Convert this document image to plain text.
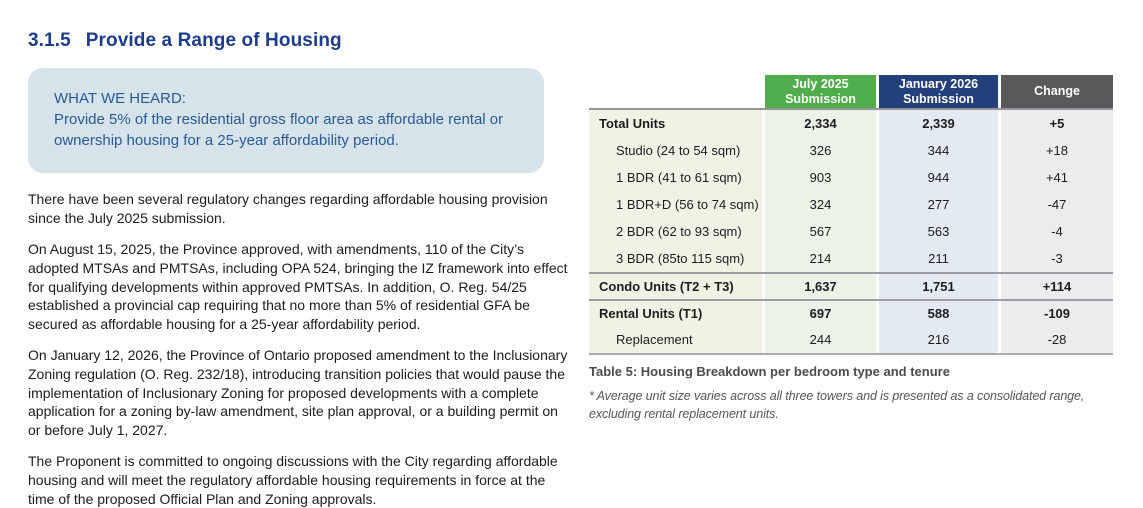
3.1.5 Provide a Range of Housing
WHAT WE HEARD:
Provide 5% of the residential gross floor area as affordable rental or ownership housing for a 25-year affordability period.

There have been several regulatory changes regarding affordable housing provision since the July 2025 submission.

On August 15, 2025, the Province approved, with amendments, 110 of the City’s adopted MTSAs and PMTSAs, including OPA 524, bringing the IZ framework into effect for qualifying developments within approved PMTSAs. In addition, O. Reg. 54/25 established a provincial cap requiring that no more than 5% of residential GFA be secured as affordable housing for a 25-year affordability period.

On January 12, 2026, the Province of Ontario proposed amendment to the Inclusionary Zoning regulation (O. Reg. 232/18), introducing transition policies that would pause the implementation of Inclusionary Zoning for proposed developments with a complete application for a zoning by-law amendment, site plan approval, or a building permit on or before July 1, 2027.

The Proponent is committed to ongoing discussions with the City regarding affordable housing and will meet the regulatory affordable housing requirements in force at the time of the proposed Official Plan and Zoning approvals.

July 2025 Submission
January 2026 Submission
Change
Total Units	2,334	2,339	+5
Studio (24 to 54 sqm)	326	344	+18
1 BDR (41 to 61 sqm)	903	944	+41
1 BDR+D (56 to 74 sqm)	324	277	-47
2 BDR (62 to 93 sqm)	567	563	-4
3 BDR (85to 115 sqm)	214	211	-3
Condo Units (T2 + T3)	1,637	1,751	+114
Rental Units (T1)	697	588	-109
Replacement	244	216	-28
Table 5: Housing Breakdown per bedroom type and tenure
* Average unit size varies across all three towers and is presented as a consolidated range, excluding rental replacement units.
